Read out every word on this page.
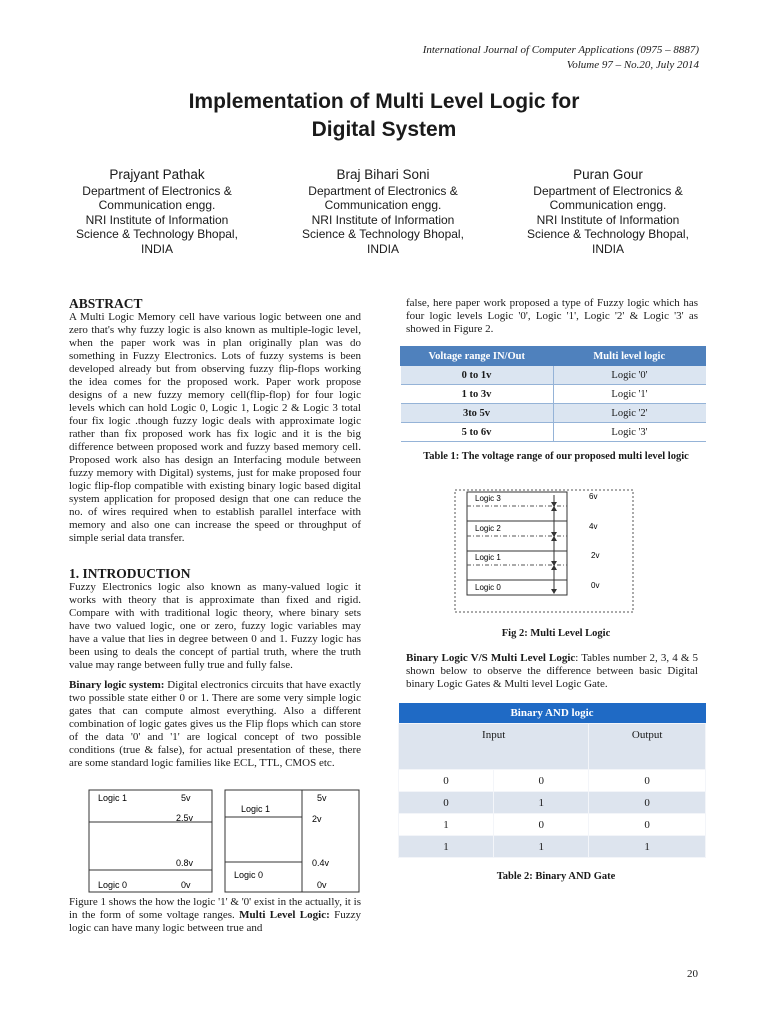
International Journal of Computer Applications (0975 – 8887)
Volume 97 – No.20, July 2014
Implementation of Multi Level Logic for
Digital System
Prajyant Pathak
Department of Electronics &
Communication engg.
NRI Institute of Information
Science & Technology Bhopal,
INDIA
Braj Bihari Soni
Department of Electronics &
Communication engg.
NRI Institute of Information
Science & Technology Bhopal,
INDIA
Puran Gour
Department of Electronics &
Communication engg.
NRI Institute of Information
Science & Technology Bhopal,
INDIA
ABSTRACT

A Multi Logic Memory cell have various logic between one and zero that's why fuzzy logic is also known as multiple-logic level, when the paper work was in plan originally plan was do something in Fuzzy Electronics. Lots of fuzzy systems is been developed already but from observing fuzzy flip-flops working the idea comes for the proposed work. Paper work propose designs of a new fuzzy memory cell(flip-flop) for four logic levels which can hold Logic 0, Logic 1, Logic 2 & Logic 3 total four fix logic .though fuzzy logic deals with approximate logic rather than fix proposed work has fix logic and it is the big difference between proposed work and fuzzy based memory cell. Proposed work also has design an Interfacing module between fuzzy memory with Digital) systems, just for make proposed four logic flip-flop compatible with existing binary logic based digital system application for proposed design that one can reduce the no. of wires required when to establish parallel interface with memory and also one can increase the speed or throughput of simple serial data transfer.

1. INTRODUCTION

Fuzzy Electronics logic also known as many-valued logic it works with theory that is approximate than fixed and rigid. Compare with with traditional logic theory, where binary sets have two valued logic, one or zero, fuzzy logic variables may have a value that lies in degree between 0 and 1. Fuzzy logic has been using to deals the concept of partial truth, where the truth value may range between fully true and fully false.

Binary logic system: Digital electronics circuits that have exactly two possible state either 0 or 1. There are some very simple logic gates that can compute almost everything. Also a different combination of logic gates gives us the Flip flops which can store of the data '0' and '1' are logical concept of two possible conditions (true & false), for actual presentation of these, there are some standard logic families like ECL, TTL, CMOS etc.

Logic 1
Logic 0
5v
2.5v
0.8v
0v
Logic 1
Logic 0
5v
2v
0.4v
0v

Figure 1 shows the how the logic '1' & '0' exist in the actually, it is in the form of some voltage ranges. Multi Level Logic: Fuzzy logic can have many logic between true and

false, here paper work proposed a type of Fuzzy logic which has four logic levels Logic '0', Logic '1', Logic '2' & Logic '3' as showed in Figure 2.

Voltage range IN/Out	Multi level logic
0 to 1v	Logic '0'
1 to 3v	Logic '1'
3to 5v	Logic '2'
5 to 6v	Logic '3'
Table 1: The voltage range of our proposed multi level logic
Logic 3
Logic 2
Logic 1
Logic 0
6v
4v
2v
0v
Fig 2: Multi Level Logic

Binary Logic V/S Multi Level Logic: Tables number 2, 3, 4 & 5 shown below to observe the difference between basic Digital binary Logic Gates & Multi level Logic Gate.

Binary AND logic		
Input		Output
0	0	0
0	1	0
1	0	0
1	1	1
Table 2: Binary AND Gate
20
